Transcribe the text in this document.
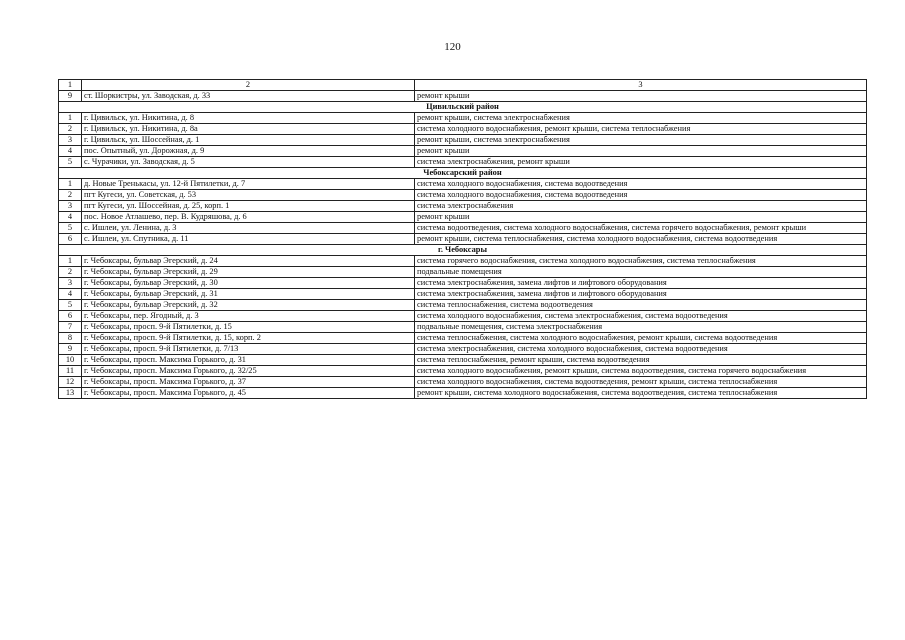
120
1	2	3
9	ст. Шоркистры, ул. Заводская, д. 33	ремонт крыши
Цивильский район		
1	г. Цивильск, ул. Никитина, д. 8	ремонт крыши, система электроснабжения
2	г. Цивильск, ул. Никитина, д. 8а	система холодного водоснабжения, ремонт крыши, система теплоснабжения
3	г. Цивильск, ул. Шоссейная, д. 1	ремонт крыши, система электроснабжения
4	пос. Опытный, ул. Дорожная, д. 9	ремонт крыши
5	с. Чурачики, ул. Заводская, д. 5	система электроснабжения, ремонт крыши
Чебоксарский район		
1	д. Новые Тренькасы, ул. 12-й Пятилетки, д. 7	система холодного водоснабжения, система водоотведения
2	пгт Кугеси, ул. Советская, д. 53	система холодного водоснабжения, система водоотведения
3	пгт Кугеси, ул. Шоссейная, д. 25, корп. 1	система электроснабжения
4	пос. Новое Атлашево, пер. В. Кудряшова, д. 6	ремонт крыши
5	с. Ишлеи, ул. Ленина, д. 3	система водоотведения, система холодного водоснабжения, система горячего водоснабжения, ремонт крыши
6	с. Ишлеи, ул. Спутника, д. 11	ремонт крыши, система теплоснабжения, система холодного водоснабжения, система водоотведения
г. Чебоксары		
1	г. Чебоксары, бульвар Эгерский, д. 24	система горячего водоснабжения, система холодного водоснабжения, система теплоснабжения
2	г. Чебоксары, бульвар Эгерский, д. 29	подвальные помещения
3	г. Чебоксары, бульвар Эгерский, д. 30	система электроснабжения, замена лифтов и лифтового оборудования
4	г. Чебоксары, бульвар Эгерский, д. 31	система электроснабжения, замена лифтов и лифтового оборудования
5	г. Чебоксары, бульвар Эгерский, д. 32	система теплоснабжения, система водоотведения
6	г. Чебоксары, пер. Ягодный, д. 3	система холодного водоснабжения, система электроснабжения, система водоотведения
7	г. Чебоксары, просп. 9-й Пятилетки, д. 15	подвальные помещения, система электроснабжения
8	г. Чебоксары, просп. 9-й Пятилетки, д. 15, корп. 2	система теплоснабжения, система холодного водоснабжения, ремонт крыши, система водоотведения
9	г. Чебоксары, просп. 9-й Пятилетки, д. 7/13	система электроснабжения, система холодного водоснабжения, система водоотведения
10	г. Чебоксары, просп. Максима Горького, д. 31	система теплоснабжения, ремонт крыши, система водоотведения
11	г. Чебоксары, просп. Максима Горького, д. 32/25	система холодного водоснабжения, ремонт крыши, система водоотведения, система горячего водоснабжения
12	г. Чебоксары, просп. Максима Горького, д. 37	система холодного водоснабжения, система водоотведения, ремонт крыши, система теплоснабжения
13	г. Чебоксары, просп. Максима Горького, д. 45	ремонт крыши, система холодного водоснабжения, система водоотведения, система теплоснабжения
